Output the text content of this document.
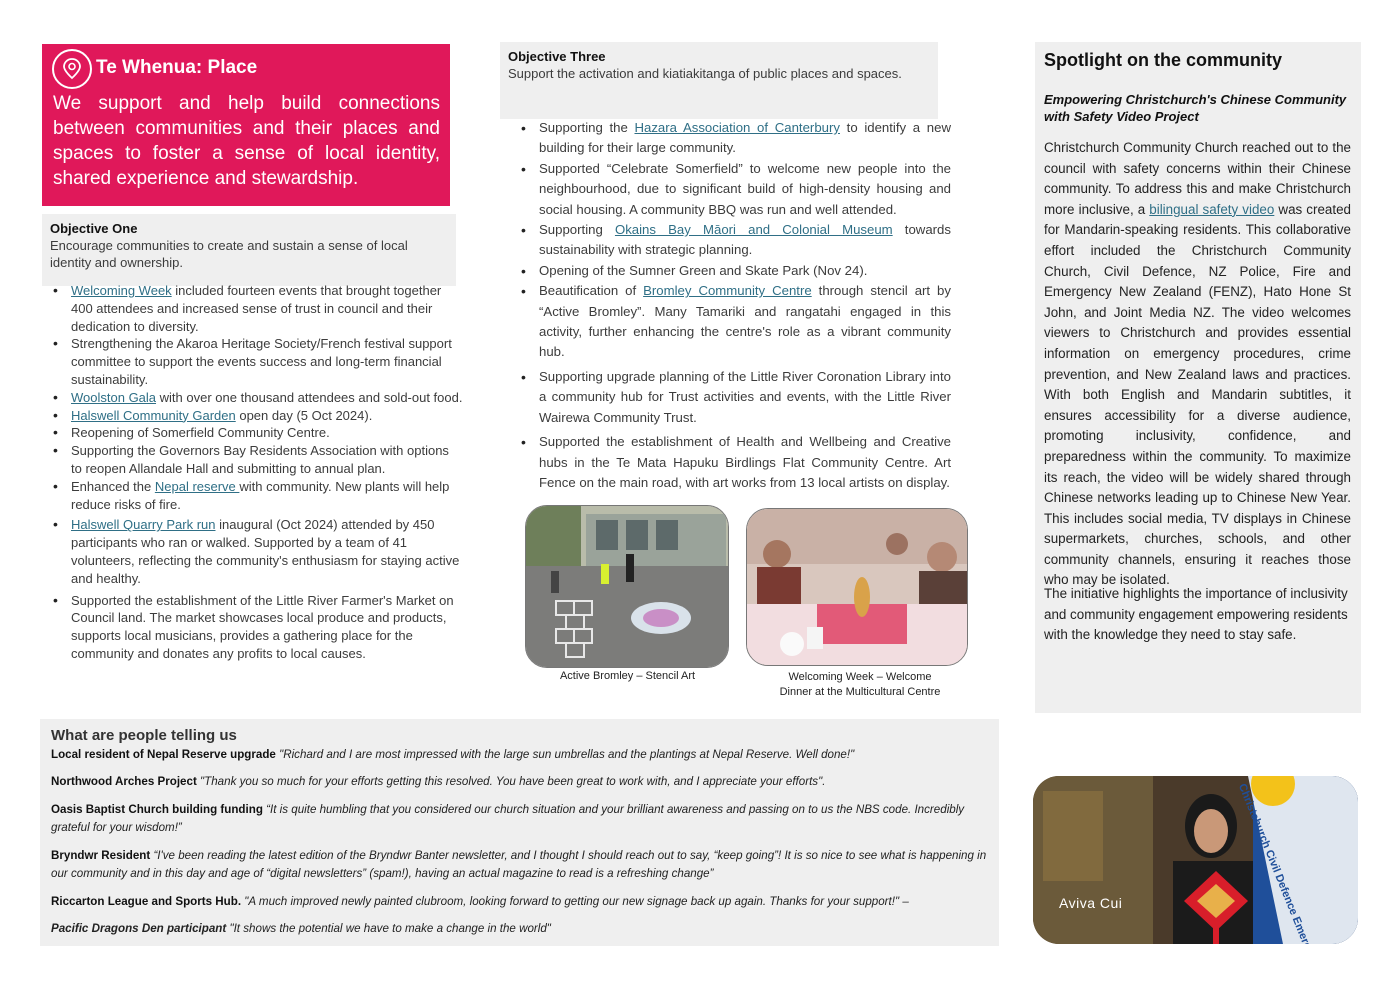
Te Whenua: Place

We support and help build connections between communities and their places and spaces to foster a sense of local identity, shared experience and stewardship.

Objective One
Encourage communities to create and sustain a sense of local identity and ownership.
• Welcoming Week included fourteen events that brought together 400 attendees and increased sense of trust in council and their dedication to diversity.
• Strengthening the Akaroa Heritage Society/French festival support committee to support the events success and long-term financial sustainability.
• Woolston Gala with over one thousand attendees and sold-out food.
• Halswell Community Garden open day (5 Oct 2024).
• Reopening of Somerfield Community Centre.
• Supporting the Governors Bay Residents Association with options to reopen Allandale Hall and submitting to annual plan.
• Enhanced the Nepal reserve with community. New plants will help reduce risks of fire.
• Halswell Quarry Park run inaugural (Oct 2024) attended by 450 participants who ran or walked. Supported by a team of 41 volunteers, reflecting the community's enthusiasm for staying active and healthy.
• Supported the establishment of the Little River Farmer's Market on Council land. The market showcases local produce and products, supports local musicians, provides a gathering place for the community and donates any profits to local causes.
Objective Three
Support the activation and kiatiakitanga of public places and spaces.
• Supporting the Hazara Association of Canterbury to identify a new building for their large community.
• Supported “Celebrate Somerfield” to welcome new people into the neighbourhood, due to significant build of high-density housing and social housing. A community BBQ was run and well attended.
• Supporting Okains Bay Māori and Colonial Museum towards sustainability with strategic planning.
• Opening of the Sumner Green and Skate Park (Nov 24).
• Beautification of Bromley Community Centre through stencil art by “Active Bromley”. Many Tamariki and rangatahi engaged in this activity, further enhancing the centre's role as a vibrant community hub.
• Supporting upgrade planning of the Little River Coronation Library into a community hub for Trust activities and events, with the Little River Wairewa Community Trust.
• Supported the establishment of Health and Wellbeing and Creative hubs in the Te Mata Hapuku Birdlings Flat Community Centre. Art Fence on the main road, with art works from 13 local artists on display.
Active Bromley – Stencil Art	Welcoming Week – Welcome
Dinner at the Multicultural Centre
Spotlight on the community
Empowering Christchurch's Chinese Community with Safety Video Project

Christchurch Community Church reached out to the council with safety concerns within their Chinese community. To address this and make Christchurch more inclusive, a bilingual safety video was created for Mandarin-speaking residents. This collaborative effort included the Christchurch Community Church, Civil Defence, NZ Police, Fire and Emergency New Zealand (FENZ), Hato Hone St John, and Joint Media NZ. The video welcomes viewers to Christchurch and provides essential information on emergency procedures, crime prevention, and New Zealand laws and practices. With both English and Mandarin subtitles, it ensures accessibility for a diverse audience, promoting inclusivity, confidence, and preparedness within the community. To maximize its reach, the video will be widely shared through Chinese networks leading up to Chinese New Year. This includes social media, TV displays in Chinese supermarkets, churches, schools, and other community channels, ensuring it reaches those who may be isolated.

The initiative highlights the importance of inclusivity and community engagement empowering residents with the knowledge they need to stay safe.

What are people telling us
Local resident of Nepal Reserve upgrade "Richard and I are most impressed with the large sun umbrellas and the plantings at Nepal Reserve. Well done!"
Northwood Arches Project "Thank you so much for your efforts getting this resolved. You have been great to work with, and I appreciate your efforts".
Oasis Baptist Church building funding “It is quite humbling that you considered our church situation and your brilliant awareness and passing on to us the NBS code. Incredibly grateful for your wisdom!”
Bryndwr Resident “I've been reading the latest edition of the Bryndwr Banter newsletter, and I thought I should reach out to say, “keep going”! It is so nice to see what is happening in our community and in this day and age of “digital newsletters” (spam!), having an actual magazine to read is a refreshing change”
Riccarton League and Sports Hub. "A much improved newly painted clubroom, looking forward to getting our new signage back up again. Thanks for your support!" –
Pacific Dragons Den participant "It shows the potential we have to make a change in the world"
Aviva Cui
Christchurch Civil Defence
